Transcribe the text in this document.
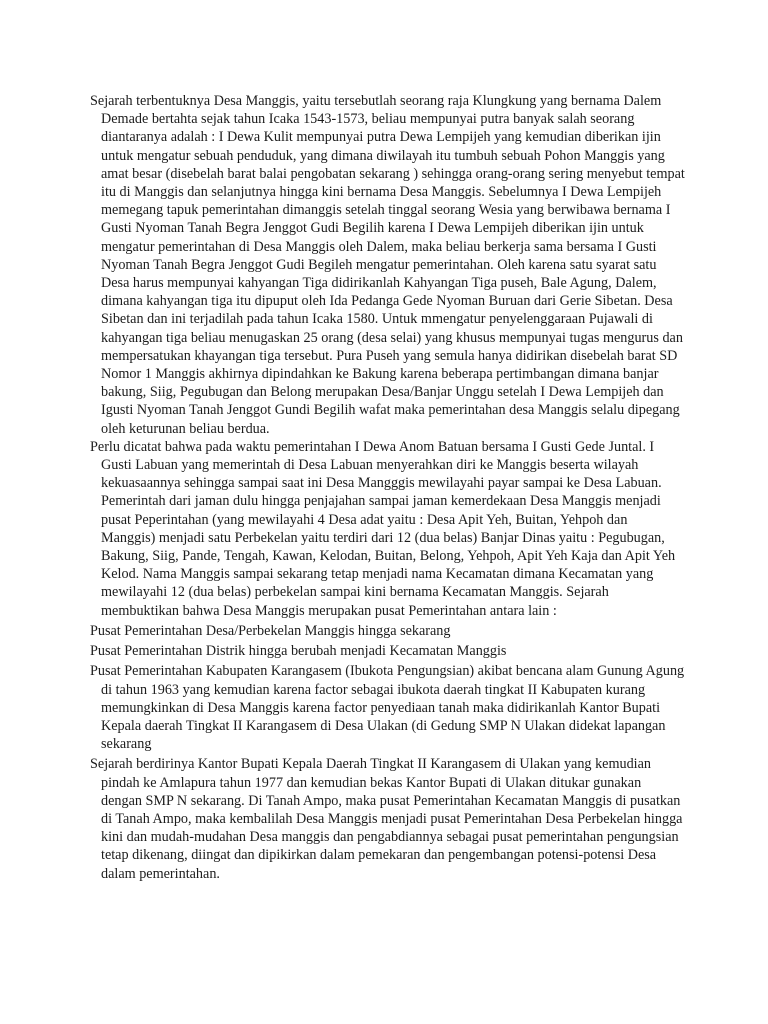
Sejarah terbentuknya Desa Manggis, yaitu tersebutlah seorang raja Klungkung yang bernama Dalem Demade bertahta sejak tahun Icaka 1543-1573, beliau mempunyai putra banyak salah seorang diantaranya adalah : I Dewa Kulit mempunyai putra Dewa Lempijeh yang kemudian diberikan ijin untuk mengatur sebuah penduduk, yang dimana diwilayah itu tumbuh sebuah Pohon Manggis yang amat besar (disebelah barat balai pengobatan sekarang ) sehingga orang-orang sering menyebut tempat itu di Manggis dan selanjutnya hingga kini bernama Desa Manggis. Sebelumnya I Dewa Lempijeh memegang tapuk pemerintahan dimanggis setelah tinggal seorang Wesia yang berwibawa bernama I Gusti Nyoman Tanah Begra Jenggot Gudi Begilih karena I Dewa Lempijeh diberikan ijin untuk mengatur pemerintahan di Desa Manggis oleh Dalem, maka beliau berkerja sama bersama I Gusti Nyoman Tanah Begra Jenggot Gudi Begileh mengatur pemerintahan. Oleh karena satu syarat satu Desa harus mempunyai kahyangan Tiga didirikanlah Kahyangan Tiga puseh, Bale Agung, Dalem, dimana kahyangan tiga itu dipuput oleh Ida Pedanga Gede Nyoman Buruan dari Gerie Sibetan. Desa Sibetan dan ini terjadilah pada tahun Icaka 1580. Untuk mmengatur penyelenggaraan Pujawali di kahyangan tiga beliau menugaskan 25 orang (desa selai) yang khusus mempunyai tugas mengurus dan mempersatukan khayangan tiga tersebut. Pura Puseh yang semula hanya didirikan disebelah barat SD Nomor 1 Manggis akhirnya dipindahkan ke Bakung karena beberapa pertimbangan dimana banjar bakung, Siig, Pegubugan dan Belong merupakan Desa/Banjar Unggu setelah I Dewa Lempijeh dan Igusti Nyoman Tanah Jenggot Gundi Begilih wafat maka pemerintahan desa Manggis selalu dipegang oleh keturunan beliau berdua.

Perlu dicatat bahwa pada waktu pemerintahan I Dewa Anom Batuan bersama I Gusti Gede Juntal. I Gusti Labuan yang memerintah di Desa Labuan menyerahkan diri ke Manggis beserta wilayah kekuasaannya sehingga sampai saat ini Desa Mangggis mewilayahi payar sampai ke Desa Labuan. Pemerintah dari jaman dulu hingga penjajahan sampai jaman kemerdekaan Desa Manggis menjadi pusat Peperintahan (yang mewilayahi 4 Desa adat yaitu : Desa Apit Yeh, Buitan, Yehpoh dan Manggis) menjadi satu Perbekelan yaitu terdiri dari 12 (dua belas) Banjar Dinas yaitu : Pegubugan, Bakung, Siig, Pande, Tengah, Kawan, Kelodan, Buitan, Belong, Yehpoh, Apit Yeh Kaja dan Apit Yeh Kelod. Nama Manggis sampai sekarang tetap menjadi nama Kecamatan dimana Kecamatan yang mewilayahi 12 (dua belas) perbekelan sampai kini bernama Kecamatan Manggis. Sejarah membuktikan bahwa Desa Manggis merupakan pusat Pemerintahan antara lain :

Pusat Pemerintahan Desa/Perbekelan Manggis hingga sekarang

Pusat Pemerintahan Distrik hingga berubah menjadi Kecamatan Manggis

Pusat Pemerintahan Kabupaten Karangasem (Ibukota Pengungsian) akibat bencana alam Gunung Agung di tahun 1963 yang kemudian karena factor sebagai ibukota daerah tingkat II Kabupaten kurang memungkinkan di Desa Manggis karena factor penyediaan tanah maka didirikanlah Kantor Bupati Kepala daerah Tingkat II Karangasem di Desa Ulakan (di Gedung SMP N Ulakan didekat lapangan sekarang

Sejarah berdirinya Kantor Bupati Kepala Daerah Tingkat II Karangasem di Ulakan yang kemudian pindah ke Amlapura tahun 1977 dan kemudian bekas Kantor Bupati di Ulakan ditukar gunakan dengan SMP N sekarang. Di Tanah Ampo, maka pusat Pemerintahan Kecamatan Manggis di pusatkan di Tanah Ampo, maka kembalilah Desa Manggis menjadi pusat Pemerintahan Desa Perbekelan hingga kini dan mudah-mudahan Desa manggis dan pengabdiannya sebagai pusat pemerintahan pengungsian tetap dikenang, diingat dan dipikirkan dalam pemekaran dan pengembangan potensi-potensi Desa dalam pemerintahan.
